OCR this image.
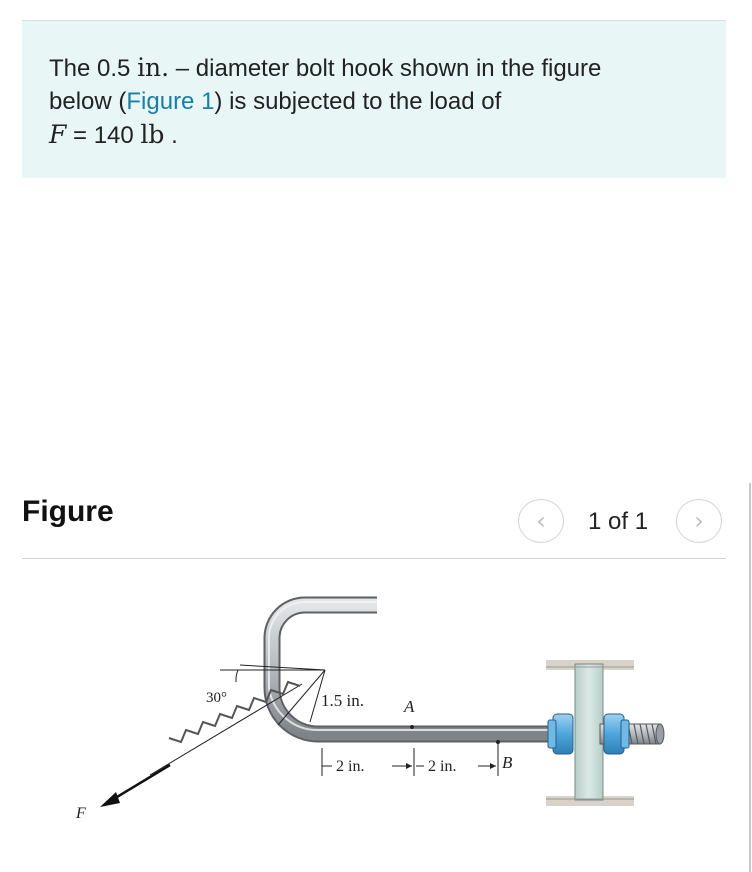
The 0.5 in. – diameter bolt hook shown in the figure
below (Figure 1) is subjected to the load of
F = 140 lb .
Figure	‹ 1 of 1 ›
30°	1.5 in. A
2 in.	2 in.	B
F
